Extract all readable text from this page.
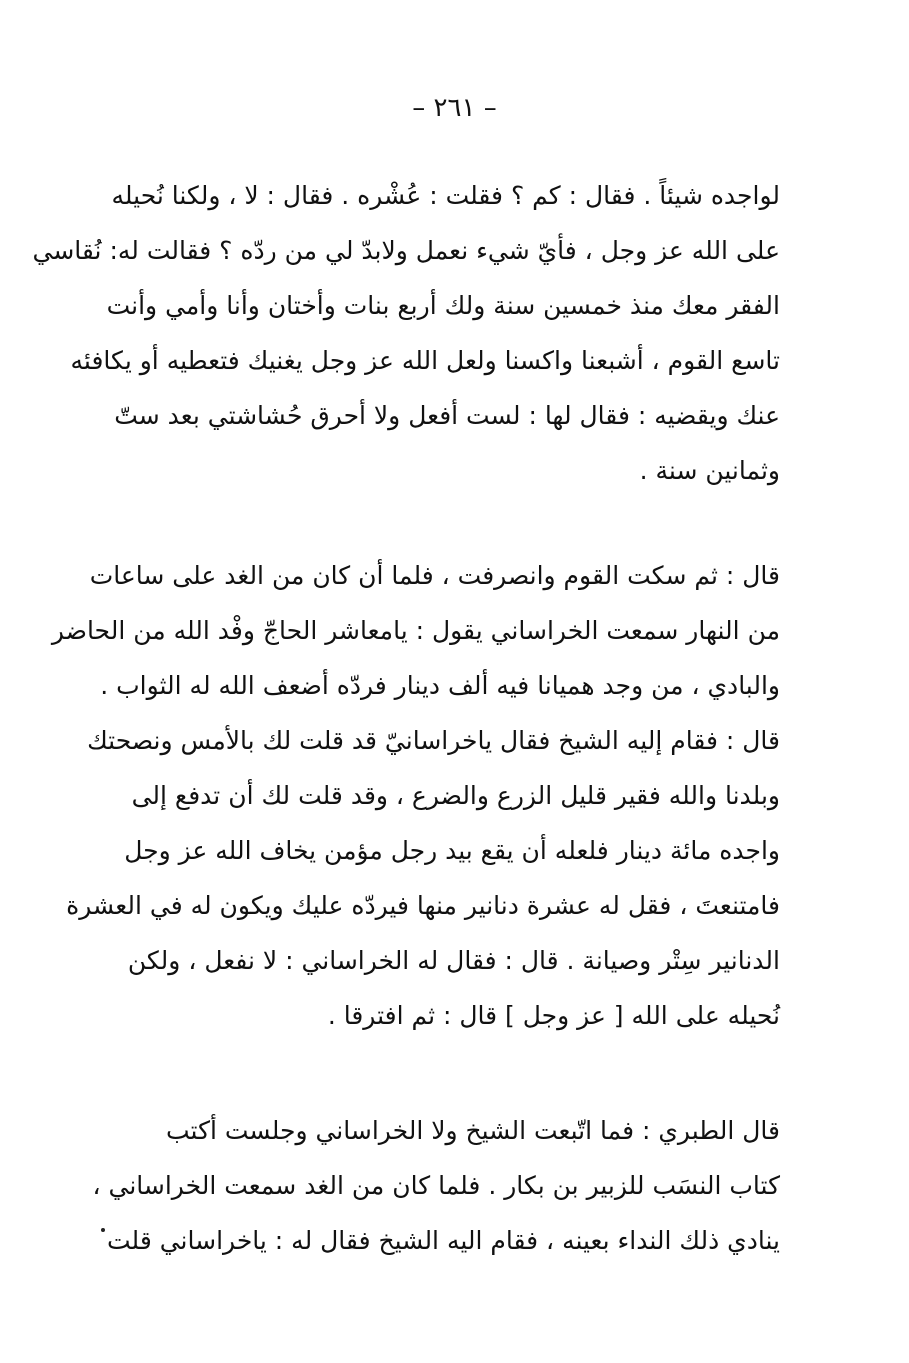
– ٢٦١ –
لواجده شيئاً . فقال : كم ؟ فقلت : عُشْره . فقال : لا ، ولكنا نُحيله
على الله عز وجل ، فأيّ شيء نعمل ولابدّ لي من ردّه ؟ فقالت له: نُقاسي
الفقر معك منذ خمسين سنة ولك أربع بنات وأختان وأنا وأمي وأنت
تاسع القوم ، أشبعنا واكسنا ولعل الله عز وجل يغنيك فتعطيه أو يكافئه
عنك ويقضيه : فقال لها : لست أفعل ولا أحرق حُشاشتي بعد ستّ
وثمانين سنة .
قال : ثم سكت القوم وانصرفت ، فلما أن كان من الغد على ساعات
من النهار سمعت الخراساني يقول : يامعاشر الحاجّ وفْد الله من الحاضر
والبادي ، من وجد هميانا فيه ألف دينار فردّه أضعف الله له الثواب .
قال : فقام إليه الشيخ فقال ياخراسانيّ قد قلت لك بالأمس ونصحتك
وبلدنا والله فقير قليل الزرع والضرع ، وقد قلت لك أن تدفع إلى
واجده مائة دينار فلعله أن يقع بيد رجل مؤمن يخاف الله عز وجل
فامتنعتَ ، فقل له عشرة دنانير منها فيردّه عليك ويكون له في العشرة
الدنانير سِتْر وصيانة . قال : فقال له الخراساني : لا نفعل ، ولكن
نُحيله على الله [ عز وجل ] قال : ثم افترقا .
قال الطبري : فما اتّبعت الشيخ ولا الخراساني وجلست أكتب
كتاب النسَب للزبير بن بكار . فلما كان من الغد سمعت الخراساني ،
ينادي ذلك النداء بعينه ، فقام اليه الشيخ فقال له : ياخراساني قلت
